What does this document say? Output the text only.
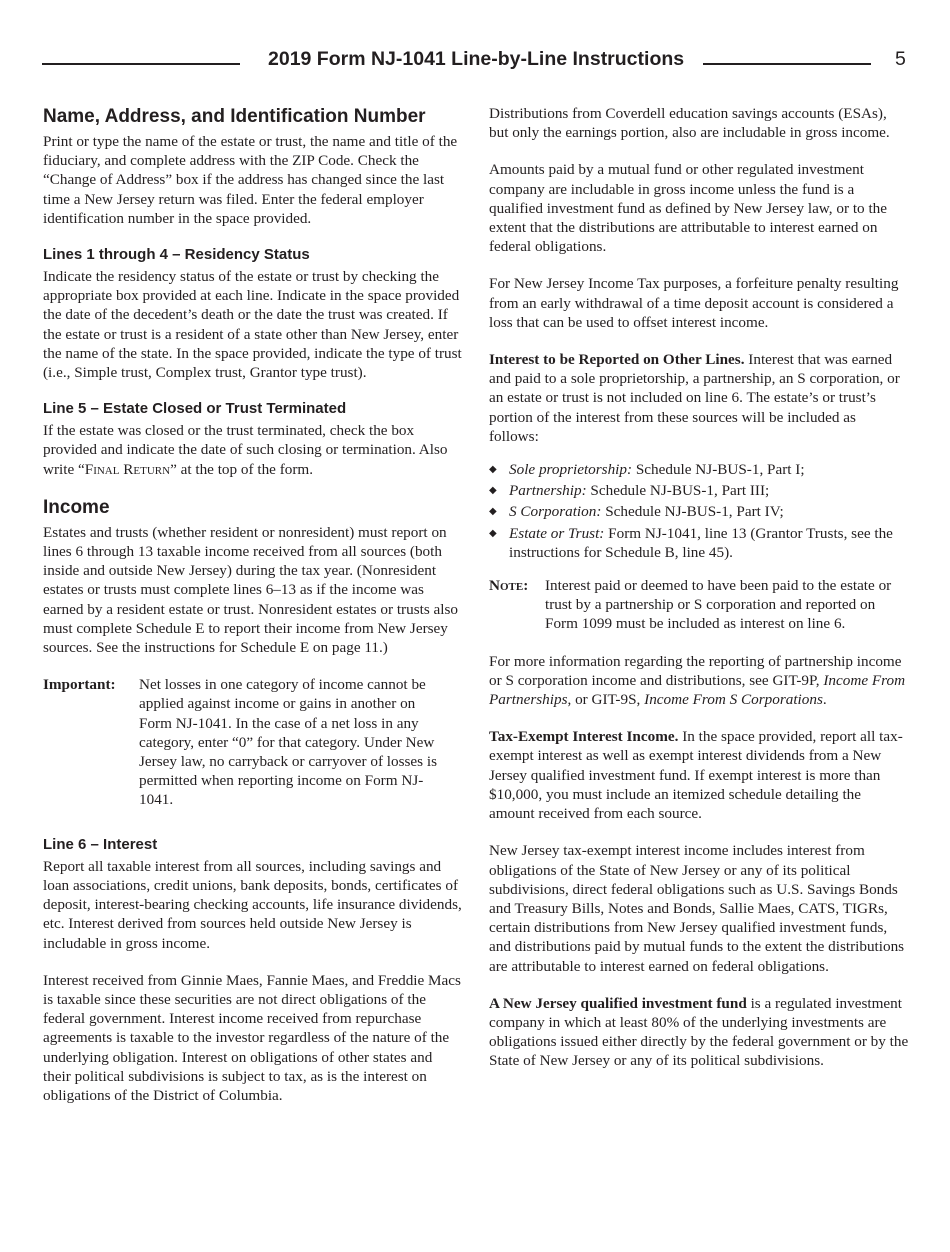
2019 Form NJ-1041 Line-by-Line Instructions	5
Name, Address, and Identification Number

Print or type the name of the estate or trust, the name and title of the fiduciary, and complete address with the ZIP Code. Check the “Change of Address” box if the address has changed since the last time a New Jersey return was filed. Enter the federal employer identification number in the space provided.

Lines 1 through 4 – Residency Status

Indicate the residency status of the estate or trust by checking the appropriate box provided at each line. Indicate in the space provided the date of the decedent’s death or the date the trust was created. If the estate or trust is a resident of a state other than New Jersey, enter the name of the state. In the space provided, indicate the type of trust (i.e., Simple trust, Complex trust, Grantor type trust).

Line 5 – Estate Closed or Trust Terminated

If the estate was closed or the trust terminated, check the box provided and indicate the date of such closing or termination. Also write “Final Return” at the top of the form.

Income

Estates and trusts (whether resident or nonresident) must report on lines 6 through 13 taxable income received from all sources (both inside and outside New Jersey) during the tax year. (Nonresident estates or trusts must complete lines 6–13 as if the income was earned by a resident estate or trust. Nonresident estates or trusts also must complete Schedule E to report their income from New Jersey sources. See the instructions for Schedule E on page 11.)

Important:	Net losses in one category of income cannot be applied against income or gains in another on Form NJ-1041. In the case of a net loss in any category, enter “0” for that category. Under New Jersey law, no carryback or carryover of losses is permitted when reporting income on Form NJ-1041.
Line 6 – Interest

Report all taxable interest from all sources, including savings and loan associations, credit unions, bank deposits, bonds, certificates of deposit, interest-bearing checking accounts, life insurance dividends, etc. Interest derived from sources held outside New Jersey is includable in gross income.

Interest received from Ginnie Maes, Fannie Maes, and Freddie Macs is taxable since these securities are not direct obligations of the federal government. Interest income received from repurchase agreements is taxable to the investor regardless of the nature of the underlying obligation. Interest on obligations of other states and their political subdivisions is subject to tax, as is the interest on obligations of the District of Columbia.

Distributions from Coverdell education savings accounts (ESAs), but only the earnings portion, also are includable in gross income.

Amounts paid by a mutual fund or other regulated investment company are includable in gross income unless the fund is a qualified investment fund as defined by New Jersey law, or to the extent that the distributions are attributable to interest earned on federal obligations.

For New Jersey Income Tax purposes, a forfeiture penalty resulting from an early withdrawal of a time deposit account is considered a loss that can be used to offset interest income.

Interest to be Reported on Other Lines. Interest that was earned and paid to a sole proprietorship, a partnership, an S corporation, or an estate or trust is not included on line 6. The estate’s or trust’s portion of the interest from these sources will be included as follows:

◆ Sole proprietorship: Schedule NJ-BUS-1, Part I;
◆ Partnership: Schedule NJ-BUS-1, Part III;
◆ S Corporation: Schedule NJ-BUS-1, Part IV;
◆ Estate or Trust: Form NJ-1041, line 13 (Grantor Trusts, see the instructions for Schedule B, line 45).
Note:	Interest paid or deemed to have been paid to the estate or trust by a partnership or S corporation and reported on Form 1099 must be included as interest on line 6.

For more information regarding the reporting of partnership income or S corporation income and distributions, see GIT-9P, Income From Partnerships, or GIT-9S, Income From S Corporations.

Tax-Exempt Interest Income. In the space provided, report all tax-exempt interest as well as exempt interest dividends from a New Jersey qualified investment fund. If exempt interest is more than $10,000, you must include an itemized schedule detailing the amount received from each source.

New Jersey tax-exempt interest income includes interest from obligations of the State of New Jersey or any of its political subdivisions, direct federal obligations such as U.S. Savings Bonds and Treasury Bills, Notes and Bonds, Sallie Maes, CATS, TIGRs, certain distributions from New Jersey qualified investment funds, and distributions paid by mutual funds to the extent the distributions are attributable to interest earned on federal obligations.

A New Jersey qualified investment fund is a regulated investment company in which at least 80% of the underlying investments are obligations issued either directly by the federal government or by the State of New Jersey or any of its political subdivisions.
